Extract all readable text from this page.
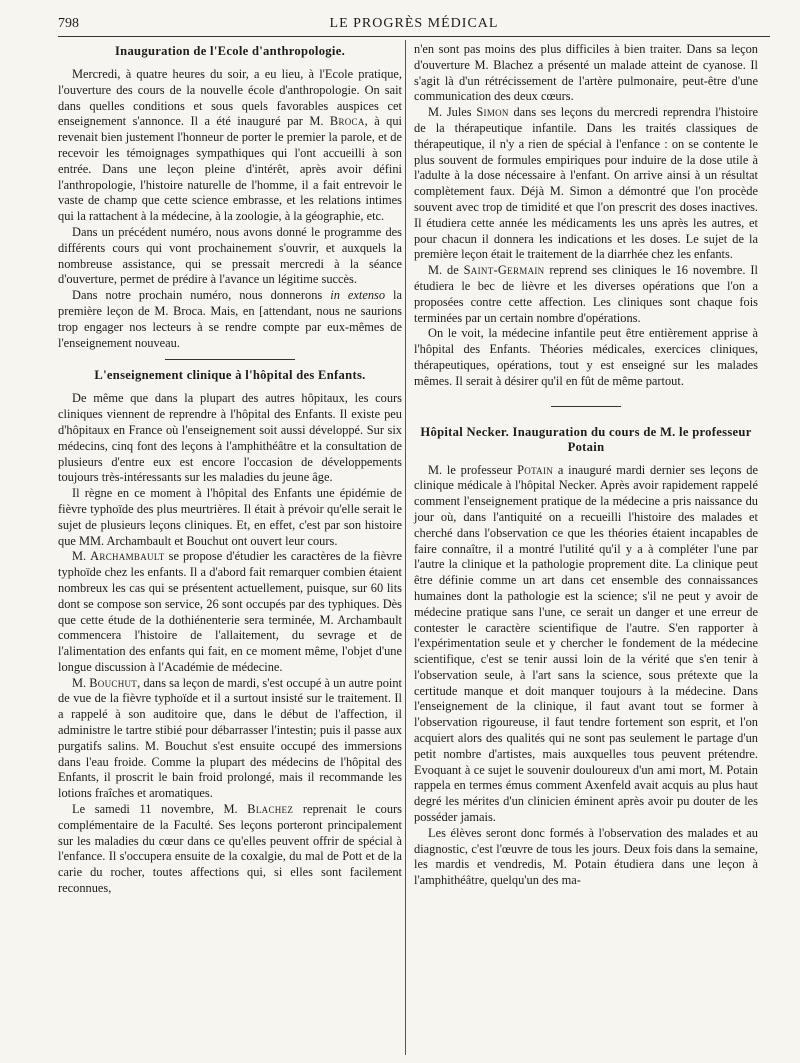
798	LE PROGRÈS MÉDICAL
Inauguration de l'Ecole d'anthropologie.

Mercredi, à quatre heures du soir, a eu lieu, à l'Ecole pratique, l'ouverture des cours de la nouvelle école d'anthropologie. On sait dans quelles conditions et sous quels favorables auspices cet enseignement s'annonce. Il a été inauguré par M. Broca, à qui revenait bien justement l'honneur de porter le premier la parole, et de recevoir les témoignages sympathiques qui l'ont accueilli à son entrée. Dans une leçon pleine d'intérêt, après avoir défini l'anthropologie, l'histoire naturelle de l'homme, il a fait entrevoir le vaste de champ que cette science embrasse, et les relations intimes qui la rattachent à la médecine, à la zoologie, à la géographie, etc.

Dans un précédent numéro, nous avons donné le programme des différents cours qui vont prochainement s'ouvrir, et auxquels la nombreuse assistance, qui se pressait mercredi à la séance d'ouverture, permet de prédire à l'avance un légitime succès.

Dans notre prochain numéro, nous donnerons in extenso la première leçon de M. Broca. Mais, en [attendant, nous ne saurions trop engager nos lecteurs à se rendre compte par eux-mêmes de l'enseignement nouveau.

L'enseignement clinique à l'hôpital des Enfants.

De même que dans la plupart des autres hôpitaux, les cours cliniques viennent de reprendre à l'hôpital des Enfants. Il existe peu d'hôpitaux en France où l'enseignement soit aussi développé. Sur six médecins, cinq font des leçons à l'amphithéâtre et la consultation de plusieurs d'entre eux est encore l'occasion de développements toujours très-intéressants sur les maladies du jeune âge.

Il règne en ce moment à l'hôpital des Enfants une épidémie de fièvre typhoïde des plus meurtrières. Il était à prévoir qu'elle serait le sujet de plusieurs leçons cliniques. Et, en effet, c'est par son histoire que MM. Archambault et Bouchut ont ouvert leur cours.

M. Archambault se propose d'étudier les caractères de la fièvre typhoïde chez les enfants. Il a d'abord fait remarquer combien étaient nombreux les cas qui se présentent actuellement, puisque, sur 60 lits dont se compose son service, 26 sont occupés par des typhiques. Dès que cette étude de la dothiénenterie sera terminée, M. Archambault commencera l'histoire de l'allaitement, du sevrage et de l'alimentation des enfants qui fait, en ce moment même, l'objet d'une longue discussion à l'Académie de médecine.

M. Bouchut, dans sa leçon de mardi, s'est occupé à un autre point de vue de la fièvre typhoïde et il a surtout insisté sur le traitement. Il a rappelé à son auditoire que, dans le début de l'affection, il administre le tartre stibié pour débarrasser l'intestin; puis il passe aux purgatifs salins. M. Bouchut s'est ensuite occupé des immersions dans l'eau froide. Comme la plupart des médecins de l'hôpital des Enfants, il proscrit le bain froid prolongé, mais il recommande les lotions fraîches et aromatiques.

Le samedi 11 novembre, M. Blachez reprenait le cours complémentaire de la Faculté. Ses leçons porteront principalement sur les maladies du cœur dans ce qu'elles peuvent offrir de spécial à l'enfance. Il s'occupera ensuite de la coxalgie, du mal de Pott et de la carie du rocher, toutes affections qui, si elles sont facilement reconnues,

n'en sont pas moins des plus difficiles à bien traiter. Dans sa leçon d'ouverture M. Blachez a présenté un malade atteint de cyanose. Il s'agit là d'un rétrécissement de l'artère pulmonaire, peut-être d'une communication des deux cœurs.

M. Jules Simon dans ses leçons du mercredi reprendra l'histoire de la thérapeutique infantile. Dans les traités classiques de thérapeutique, il n'y a rien de spécial à l'enfance : on se contente le plus souvent de formules empiriques pour induire de la dose utile à l'adulte à la dose nécessaire à l'enfant. On arrive ainsi à un résultat complètement faux. Déjà M. Simon a démontré que l'on procède souvent avec trop de timidité et que l'on prescrit des doses inactives. Il étudiera cette année les médicaments les uns après les autres, et pour chacun il donnera les indications et les doses. Le sujet de la première leçon était le traitement de la diarrhée chez les enfants.

M. de Saint-Germain reprend ses cliniques le 16 novembre. Il étudiera le bec de lièvre et les diverses opérations que l'on a proposées contre cette affection. Les cliniques sont chaque fois terminées par un certain nombre d'opérations.

On le voit, la médecine infantile peut être entièrement apprise à l'hôpital des Enfants. Théories médicales, exercices cliniques, thérapeutiques, opérations, tout y est enseigné sur les malades mêmes. Il serait à désirer qu'il en fût de même partout.

Hôpital Necker. Inauguration du cours de M. le professeur Potain

M. le professeur Potain a inauguré mardi dernier ses leçons de clinique médicale à l'hôpital Necker. Après avoir rapidement rappelé comment l'enseignement pratique de la médecine a pris naissance du jour où, dans l'antiquité on a recueilli l'histoire des malades et cherché dans l'observation ce que les théories étaient incapables de faire connaître, il a montré l'utilité qu'il y a à compléter l'une par l'autre la clinique et la pathologie proprement dite. La clinique peut être définie comme un art dans cet ensemble des connaissances humaines dont la pathologie est la science; s'il ne peut y avoir de médecine pratique sans l'une, ce serait un danger et une erreur de contester le caractère scientifique de l'autre. S'en rapporter à l'expérimentation seule et y chercher le fondement de la médecine scientifique, c'est se tenir aussi loin de la vérité que s'en tenir à l'observation seule, à l'art sans la science, sous prétexte que la certitude manque et doit manquer toujours à la médecine. Dans l'enseignement de la clinique, il faut avant tout se former à l'observation rigoureuse, il faut tendre fortement son esprit, et l'on acquiert alors des qualités qui ne sont pas seulement le partage d'un petit nombre d'artistes, mais auxquelles tous peuvent prétendre. Evoquant à ce sujet le souvenir douloureux d'un ami mort, M. Potain rappela en termes émus comment Axenfeld avait acquis au plus haut degré les mérites d'un clinicien éminent après avoir pu douter de les posséder jamais.

Les élèves seront donc formés à l'observation des malades et au diagnostic, c'est l'œuvre de tous les jours. Deux fois dans la semaine, les mardis et vendredis, M. Potain étudiera dans une leçon à l'amphithéâtre, quelqu'un des ma-
